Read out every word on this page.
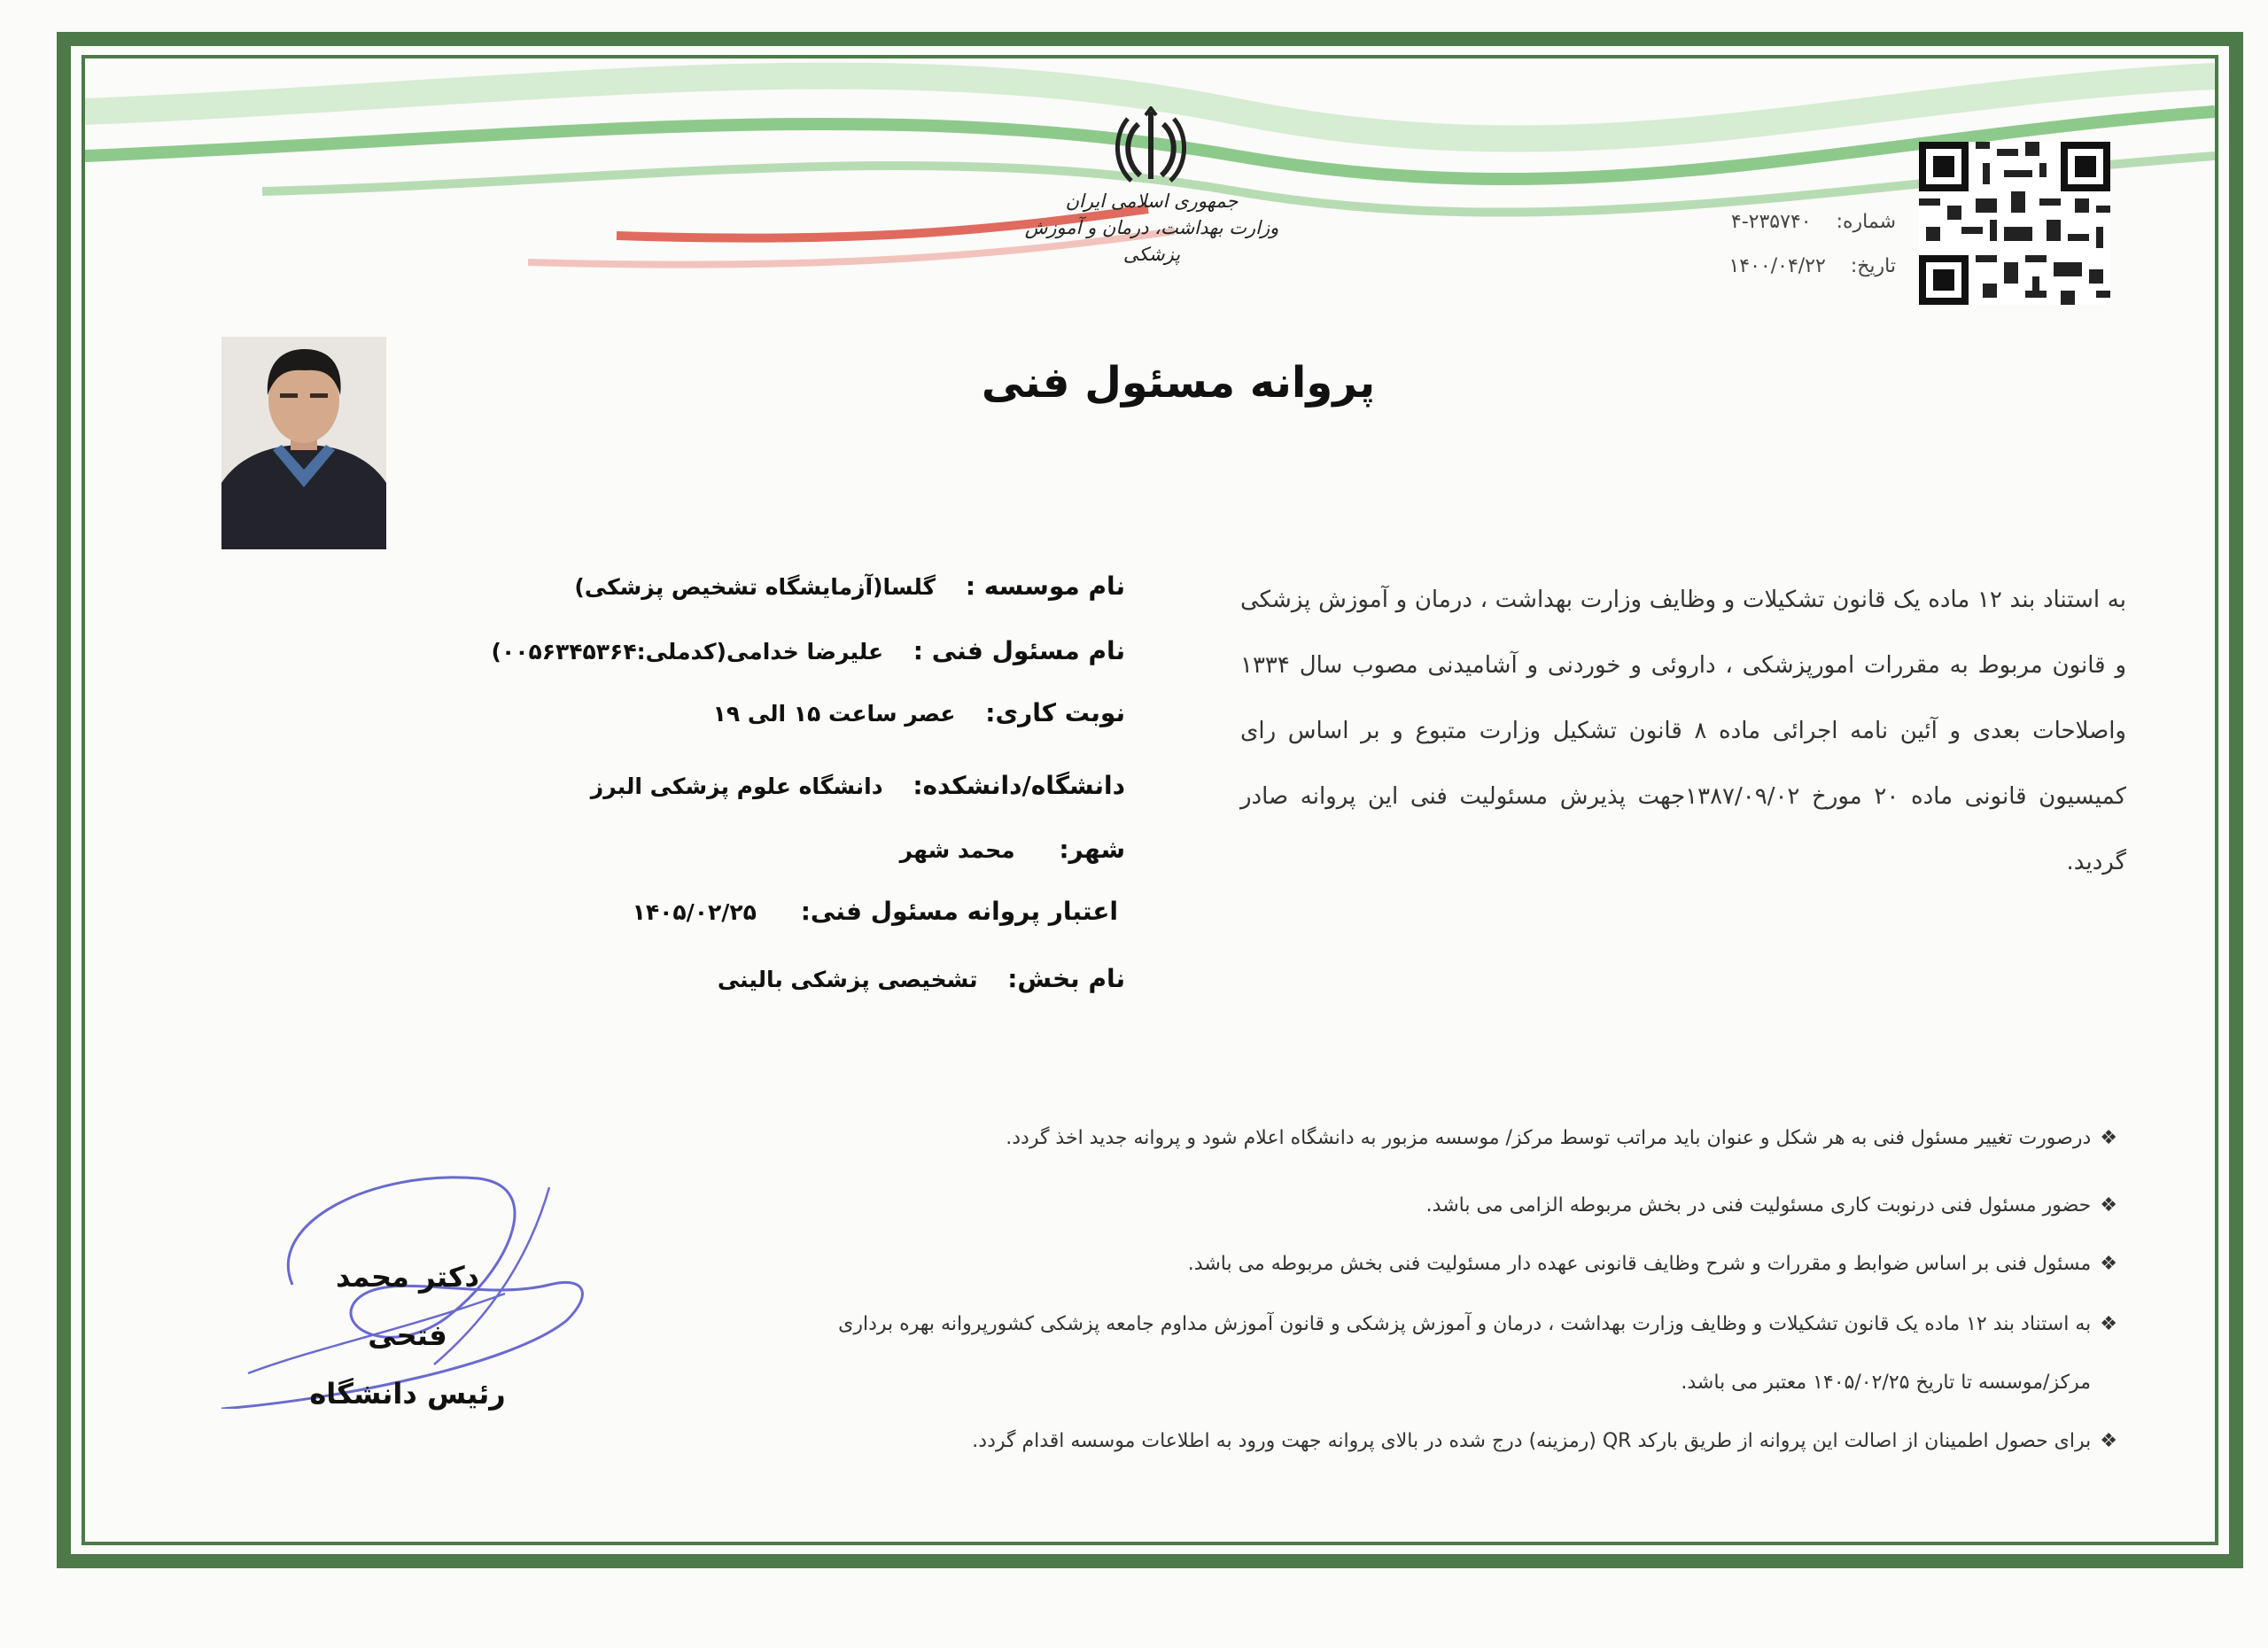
جمهوری اسلامی ایران
وزارت بهداشت، درمان و آموزش پزشکی
شماره:
۴-۲۳۵۷۴۰
تاریخ:
۱۴۰۰/۰۴/۲۲
پروانه مسئول فنی
به استناد بند ۱۲ ماده یک قانون تشکیلات و وظایف وزارت بهداشت ، درمان و آموزش پزشکی و قانون مربوط به مقررات امورپزشکی ، داروئی و خوردنی و آشامیدنی مصوب سال ۱۳۳۴ واصلاحات بعدی و آئین نامه اجرائی ماده ۸ قانون تشکیل وزارت متبوع و بر اساس رای کمیسیون قانونی ماده ۲۰ مورخ ۱۳۸۷/۰۹/۰۲جهت پذیرش مسئولیت فنی این پروانه صادر گردید.
نام موسسه : گلسا(آزمایشگاه تشخیص پزشکی)
نام مسئول فنی : علیرضا خدامی(کدملی:۰۰۵۶۳۴۵۳۶۴)
نوبت کاری: عصر ساعت ۱۵ الی ۱۹
دانشگاه/دانشکده: دانشگاه علوم پزشکی البرز
شهر: محمد شهر
اعتبار پروانه مسئول فنی: ۱۴۰۵/۰۲/۲۵
نام بخش: تشخیصی پزشکی بالینی
❖درصورت تغییر مسئول فنی به هر شکل و عنوان باید مراتب توسط مرکز/ موسسه مزبور به دانشگاه اعلام شود و پروانه جدید اخذ گردد.
❖حضور مسئول فنی درنوبت کاری مسئولیت فنی در بخش مربوطه الزامی می باشد.
❖مسئول فنی بر اساس ضوابط و مقررات و شرح وظایف قانونی عهده دار مسئولیت فنی بخش مربوطه می باشد.
❖به استناد بند ۱۲ ماده یک قانون تشکیلات و وظایف وزارت بهداشت ، درمان و آموزش پزشکی و قانون آموزش مداوم جامعه پزشکی کشورپروانه بهره برداری
مرکز/موسسه تا تاریخ ۱۴۰۵/۰۲/۲۵ معتبر می باشد.
❖برای حصول اطمینان از اصالت این پروانه از طریق بارکد QR (رمزینه) درج شده در بالای پروانه جهت ورود به اطلاعات موسسه اقدام گردد.
دکتر محمد فتحی
رئیس دانشگاه
